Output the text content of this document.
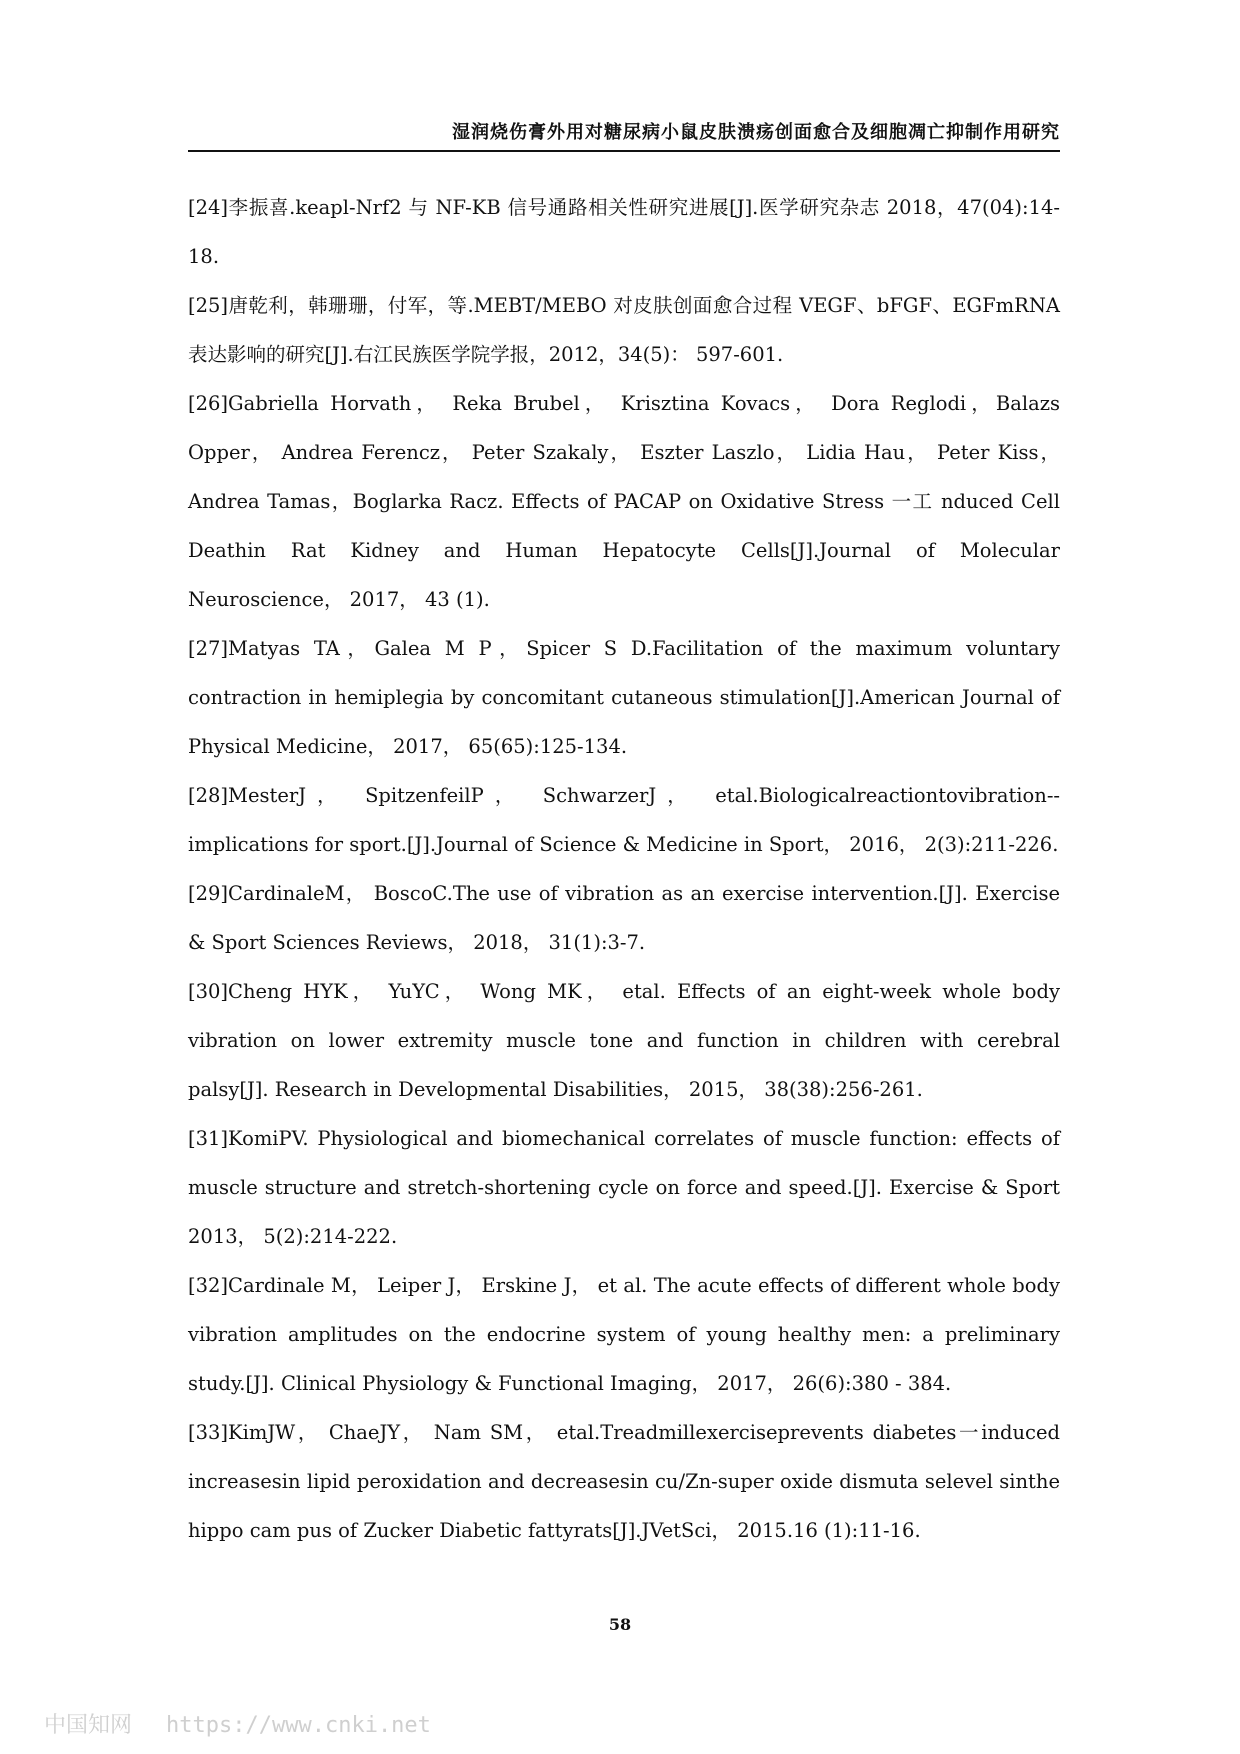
湿润烧伤膏外用对糖尿病小鼠皮肤溃疡创面愈合及细胞凋亡抑制作用研究
[24]李振喜.keapl-Nrf2 与 NF-KB 信号通路相关性研究进展[J].医学研究杂志 2018，47(04):14-18.
[25]唐乾利，韩珊珊，付军，等.MEBT/MEBO 对皮肤创面愈合过程 VEGF、bFGF、EGFmRNA 表达影响的研究[J].右江民族医学院学报，2012，34(5)： 597-601.
[26]Gabriella Horvath， Reka Brubel， Krisztina Kovacs， Dora Reglodi，Balazs Opper， Andrea Ferencz， Peter Szakaly， Eszter Laszlo， Lidia Hau， Peter Kiss， Andrea Tamas，Boglarka Racz. Effects of PACAP on Oxidative Stress 一工 nduced Cell Deathin Rat Kidney and Human Hepatocyte Cells[J].Journal of Molecular Neuroscience， 2017， 43 (1).
[27]Matyas TA，Galea M P，Spicer S D.Facilitation of the maximum voluntary contraction in hemiplegia by concomitant cutaneous stimulation[J].American Journal of Physical Medicine， 2017， 65(65):125-134.
[28]MesterJ， SpitzenfeilP， SchwarzerJ， etal.Biologicalreactiontovibration--implications for sport.[J].Journal of Science & Medicine in Sport， 2016， 2(3):211-226.
[29]CardinaleM， BoscoC.The use of vibration as an exercise intervention.[J]. Exercise & Sport Sciences Reviews， 2018， 31(1):3-7.
[30]Cheng HYK， YuYC， Wong MK， etal. Effects of an eight-week whole body vibration on lower extremity muscle tone and function in children with cerebral palsy[J]. Research in Developmental Disabilities， 2015， 38(38):256-261.
[31]KomiPV. Physiological and biomechanical correlates of muscle function: effects of muscle structure and stretch-shortening cycle on force and speed.[J]. Exercise & Sport 2013， 5(2):214-222.
[32]Cardinale M， Leiper J， Erskine J， et al. The acute effects of different whole body vibration amplitudes on the endocrine system of young healthy men: a preliminary study.[J]. Clinical Physiology & Functional Imaging， 2017， 26(6):380 - 384.
[33]KimJW， ChaeJY， Nam SM， etal.Treadmillexerciseprevents diabetes一induced increasesin lipid peroxidation and decreasesin cu/Zn-super oxide dismuta selevel sinthe hippo cam pus of Zucker Diabetic fattyrats[J].JVetSci， 2015.16 (1):11-16.
58
中国知网 https://www.cnki.net
